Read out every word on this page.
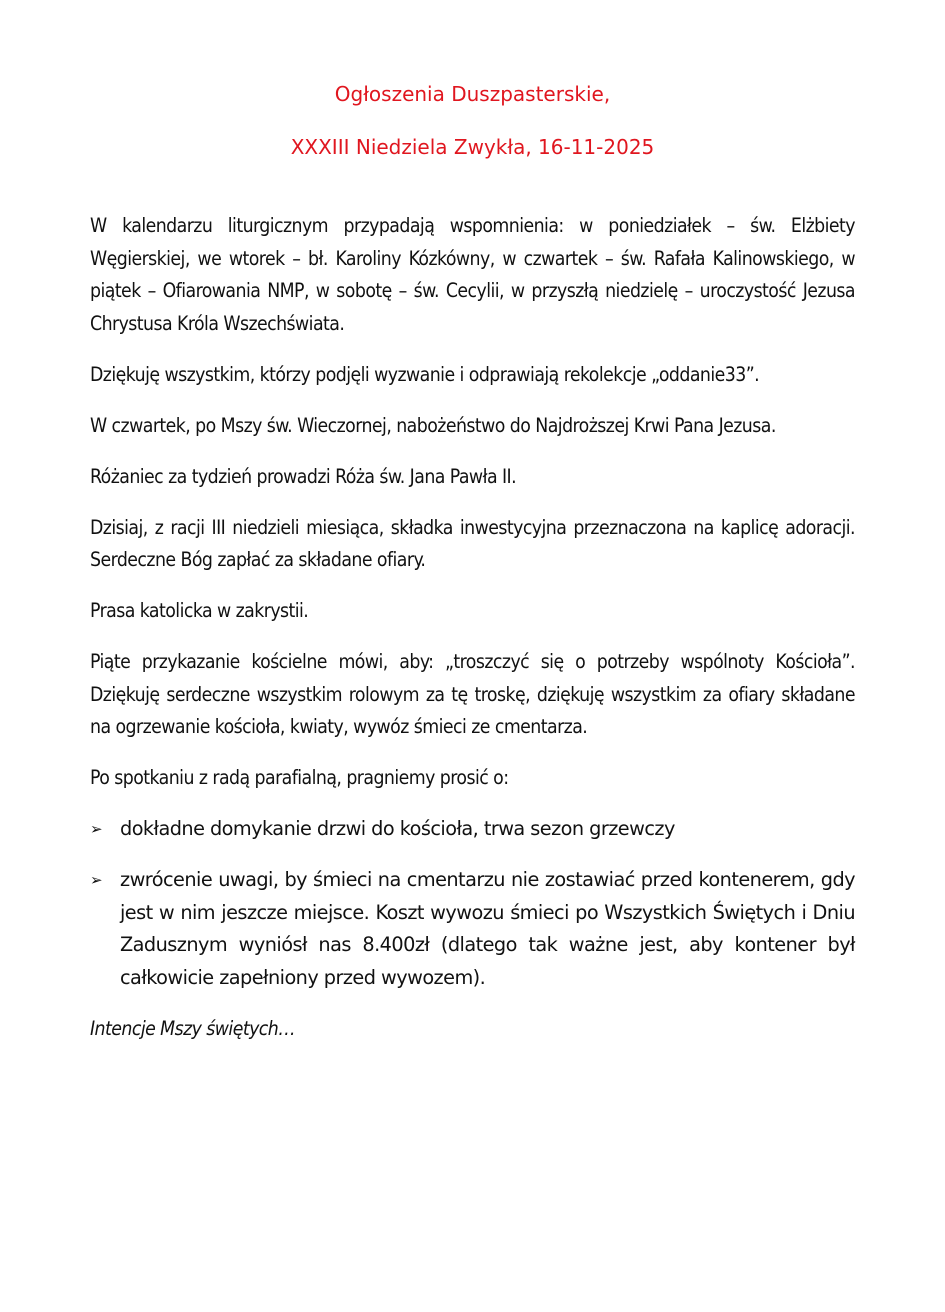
Ogłoszenia Duszpasterskie,

XXXIII Niedziela Zwykła, 16-11-2025

W kalendarzu liturgicznym przypadają wspomnienia: w poniedziałek – św. Elżbiety Węgierskiej, we wtorek – bł. Karoliny Kózkówny, w czwartek – św. Rafała Kalinowskiego, w piątek – Ofiarowania NMP, w sobotę – św. Cecylii, w przyszłą niedzielę – uroczystość Jezusa Chrystusa Króla Wszechświata.

Dziękuję wszystkim, którzy podjęli wyzwanie i odprawiają rekolekcje „oddanie33”.

W czwartek, po Mszy św. Wieczornej, nabożeństwo do Najdroższej Krwi Pana Jezusa.

Różaniec za tydzień prowadzi Róża św. Jana Pawła II.

Dzisiaj, z racji III niedzieli miesiąca, składka inwestycyjna przeznaczona na kaplicę adoracji. Serdeczne Bóg zapłać za składane ofiary.

Prasa katolicka w zakrystii.

Piąte przykazanie kościelne mówi, aby: „troszczyć się o potrzeby wspólnoty Kościoła”. Dziękuję serdeczne wszystkim rolowym za tę troskę, dziękuję wszystkim za ofiary składane na ogrzewanie kościoła, kwiaty, wywóz śmieci ze cmentarza.

Po spotkaniu z radą parafialną, pragniemy prosić o:

➢ dokładne domykanie drzwi do kościoła, trwa sezon grzewczy
➢ zwrócenie uwagi, by śmieci na cmentarzu nie zostawiać przed kontenerem, gdy jest w nim jeszcze miejsce. Koszt wywozu śmieci po Wszystkich Świętych i Dniu Zadusznym wyniósł nas 8.400zł (dlatego tak ważne jest, aby kontener był całkowicie zapełniony przed wywozem).

Intencje Mszy świętych…
